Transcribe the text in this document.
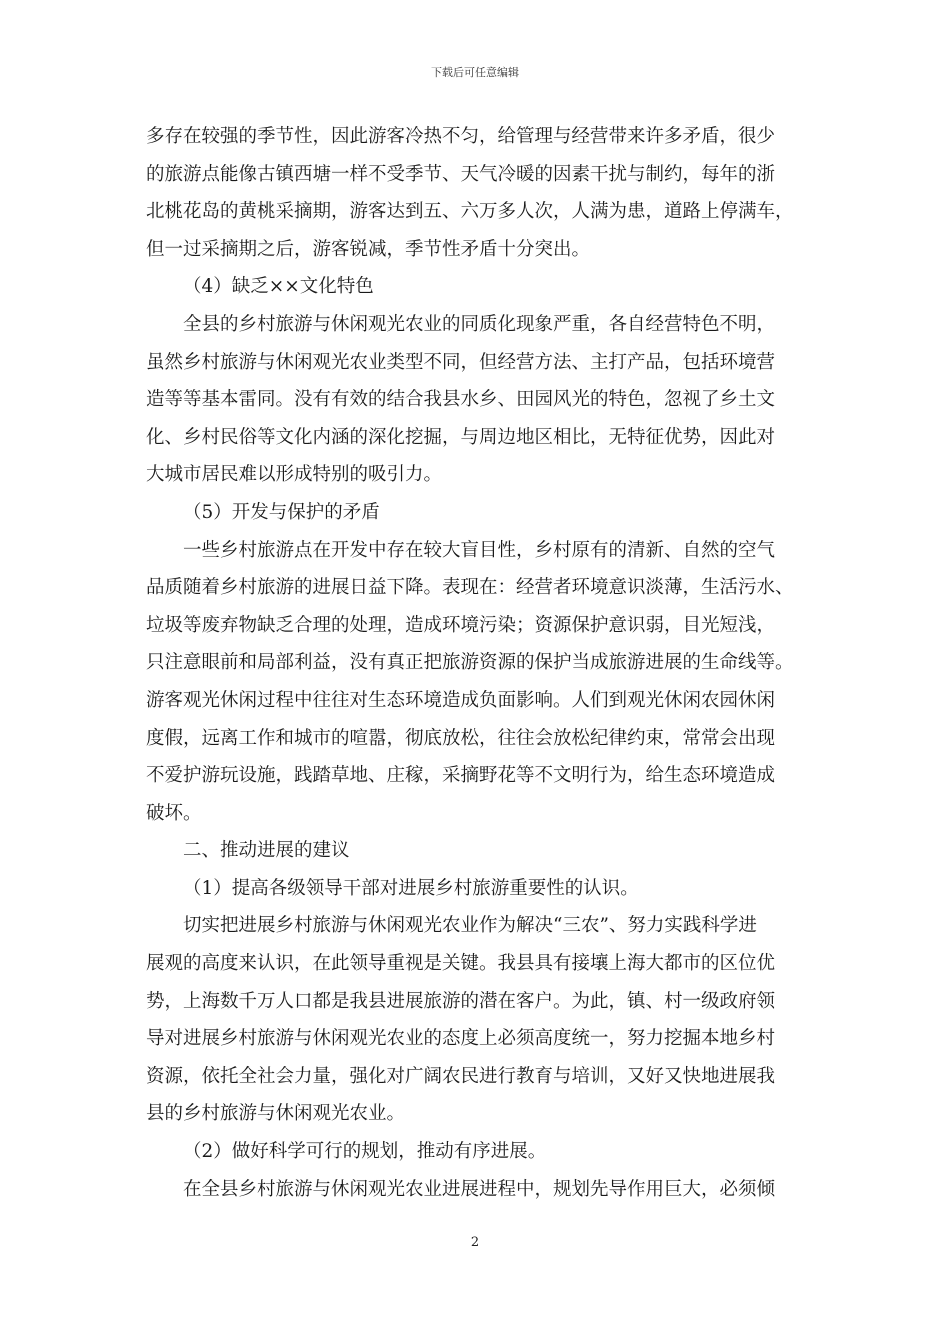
下载后可任意编辑
多存在较强的季节性，因此游客冷热不匀，给管理与经营带来许多矛盾，很少
的旅游点能像古镇西塘一样不受季节、天气冷暖的因素干扰与制约，每年的浙
北桃花岛的黄桃采摘期，游客达到五、六万多人次，人满为患，道路上停满车，
但一过采摘期之后，游客锐减，季节性矛盾十分突出。
（4）缺乏××文化特色
全县的乡村旅游与休闲观光农业的同质化现象严重，各自经营特色不明，
虽然乡村旅游与休闲观光农业类型不同，但经营方法、主打产品，包括环境营
造等等基本雷同。没有有效的结合我县水乡、田园风光的特色，忽视了乡土文
化、乡村民俗等文化内涵的深化挖掘，与周边地区相比，无特征优势，因此对
大城市居民难以形成特别的吸引力。
（5）开发与保护的矛盾
一些乡村旅游点在开发中存在较大盲目性，乡村原有的清新、自然的空气
品质随着乡村旅游的进展日益下降。表现在：经营者环境意识淡薄，生活污水、
垃圾等废弃物缺乏合理的处理，造成环境污染；资源保护意识弱，目光短浅，
只注意眼前和局部利益，没有真正把旅游资源的保护当成旅游进展的生命线等。
游客观光休闲过程中往往对生态环境造成负面影响。人们到观光休闲农园休闲
度假，远离工作和城市的喧嚣，彻底放松，往往会放松纪律约束，常常会出现
不爱护游玩设施，践踏草地、庄稼，采摘野花等不文明行为，给生态环境造成
破坏。
二、推动进展的建议
（1）提高各级领导干部对进展乡村旅游重要性的认识。
切实把进展乡村旅游与休闲观光农业作为解决“三农”、努力实践科学进
展观的高度来认识，在此领导重视是关键。我县具有接壤上海大都市的区位优
势，上海数千万人口都是我县进展旅游的潜在客户。为此，镇、村一级政府领
导对进展乡村旅游与休闲观光农业的态度上必须高度统一，努力挖掘本地乡村
资源，依托全社会力量，强化对广阔农民进行教育与培训，又好又快地进展我
县的乡村旅游与休闲观光农业。
（2）做好科学可行的规划，推动有序进展。
在全县乡村旅游与休闲观光农业进展进程中，规划先导作用巨大，必须倾
2
